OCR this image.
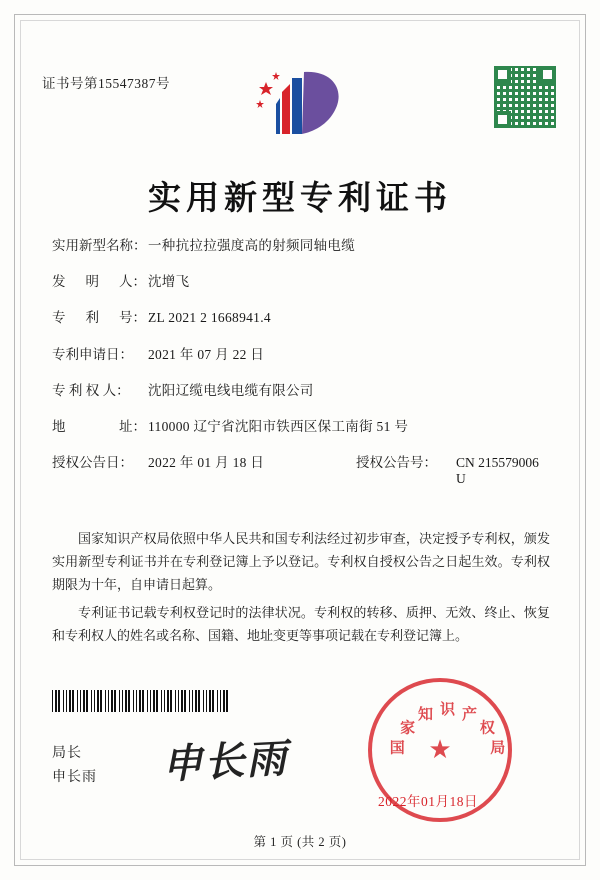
证书号第15547387号
实用新型专利证书
实用新型名称： 一种抗拉拉强度高的射频同轴电缆
发 明 人： 沈增飞
专 利 号： ZL 2021 2 1668941.4
专利申请日：	2021 年 07 月 22 日
专 利 权 人：	沈阳辽缆电线电缆有限公司
地	址： 110000 辽宁省沈阳市铁西区保工南街 51 号
授权公告日：	2022 年 01 月 18 日	授权公告号：	CN 215579006 U

国家知识产权局依照中华人民共和国专利法经过初步审查，决定授予专利权，颁发实用新型专利证书并在专利登记簿上予以登记。专利权自授权公告之日起生效。专利权期限为十年，自申请日起算。

专利证书记载专利权登记时的法律状况。专利权的转移、质押、无效、终止、恢复和专利权人的姓名或名称、国籍、地址变更等事项记载在专利登记簿上。

局长
申长雨 申长雨	国
家
知 识 产
权
局
★
2022年01月18日
第 1 页 (共 2 页)
